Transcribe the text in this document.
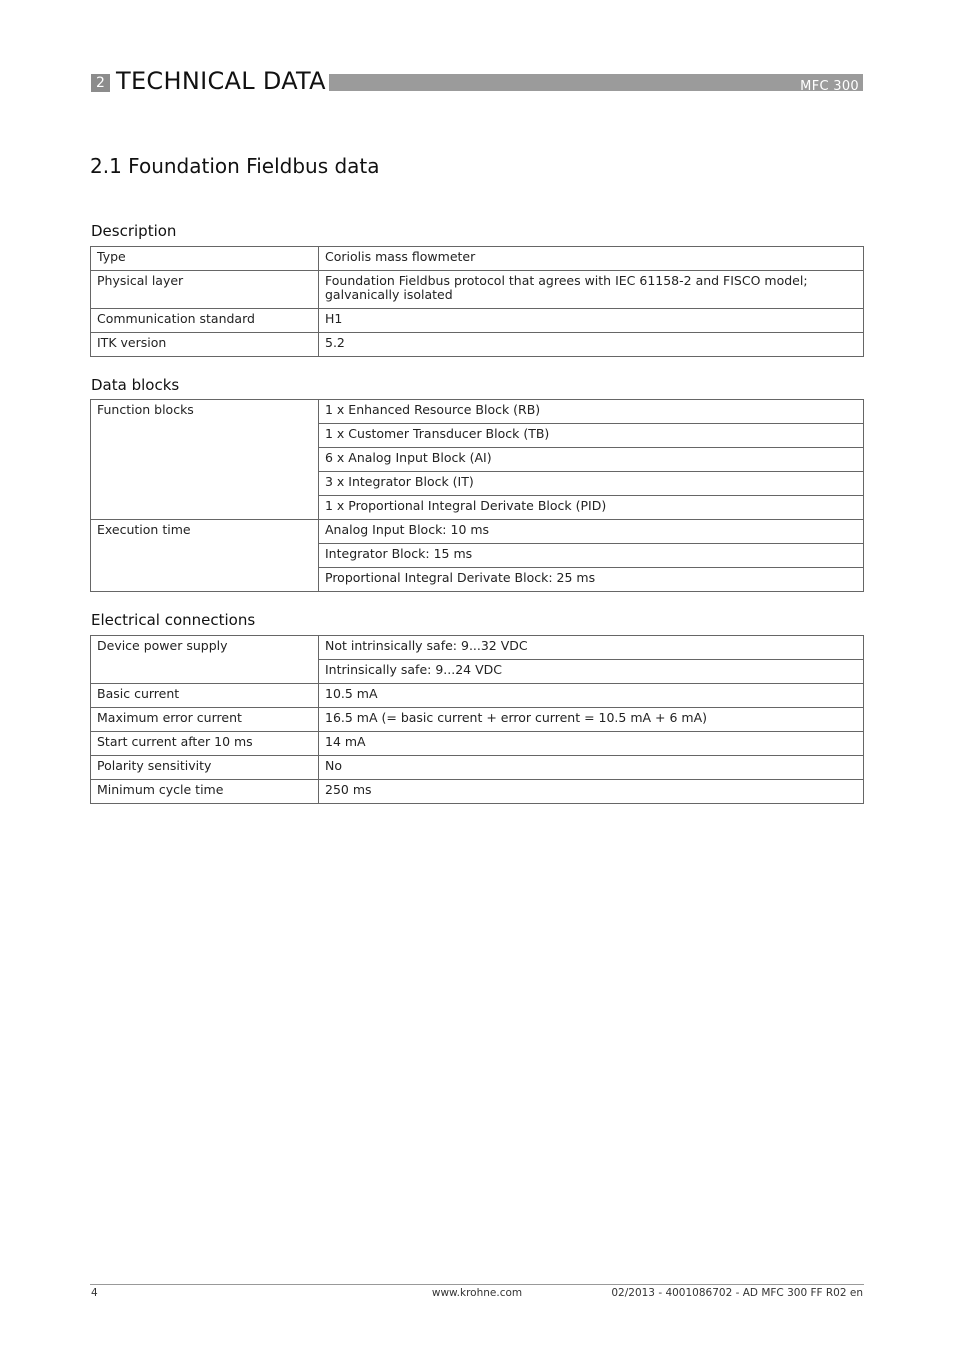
2 TECHNICAL DATA	MFC 300
2.1 Foundation Fieldbus data
Description
Type	Coriolis mass flowmeter
Physical layer	Foundation Fieldbus protocol that agrees with IEC 61158-2 and FISCO model;
galvanically isolated

Communication standard	H1
ITK version	5.2
Data blocks
Function blocks	1 x Enhanced Resource Block (RB)
	1 x Customer Transducer Block (TB)
	6 x Analog Input Block (AI)
	3 x Integrator Block (IT)
	1 x Proportional Integral Derivate Block (PID)
Execution time	Analog Input Block: 10 ms
	Integrator Block: 15 ms
	Proportional Integral Derivate Block: 25 ms
Electrical connections
Device power supply	Not intrinsically safe: 9...32 VDC
	Intrinsically safe: 9...24 VDC
Basic current	10.5 mA
Maximum error current	16.5 mA (= basic current + error current = 10.5 mA + 6 mA)
Start current after 10 ms	14 mA
Polarity sensitivity	No
Minimum cycle time	250 ms
4	www.krohne.com	02/2013 - 4001086702 - AD MFC 300 FF R02 en
